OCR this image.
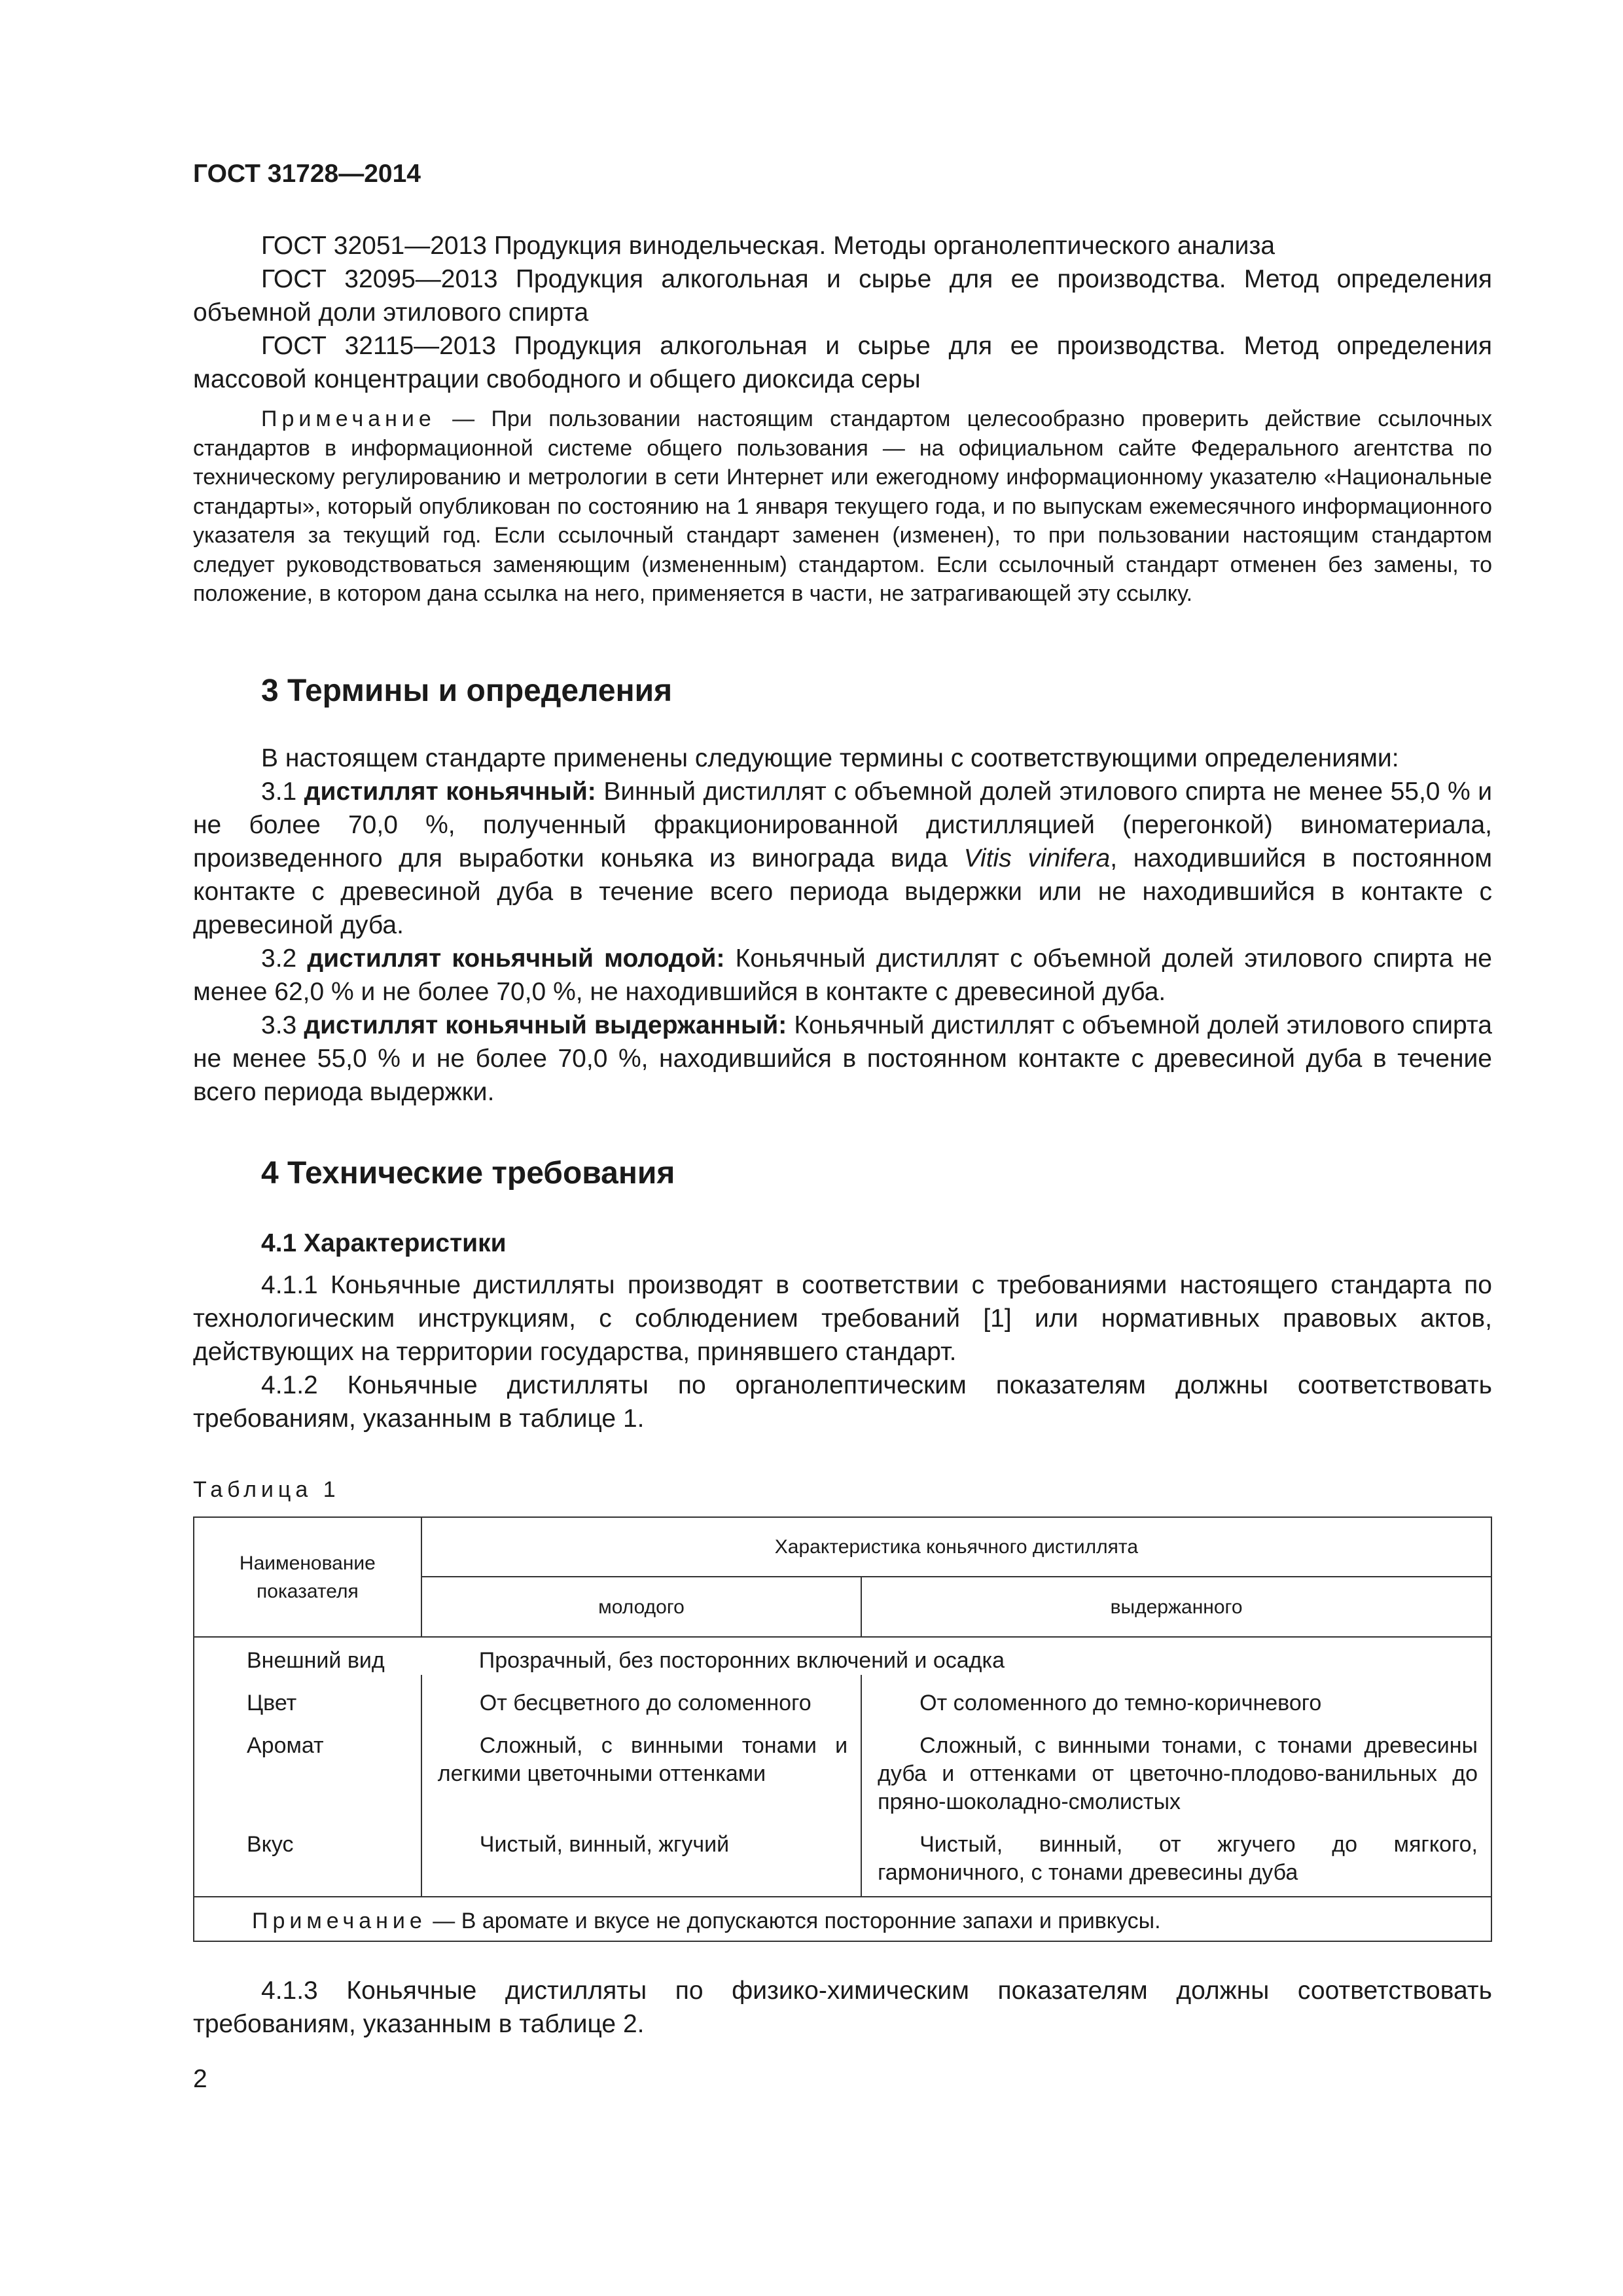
ГОСТ 31728—2014

ГОСТ 32051—2013 Продукция винодельческая. Методы органолептического анализа

ГОСТ 32095—2013 Продукция алкогольная и сырье для ее производства. Метод определения объемной доли этилового спирта

ГОСТ 32115—2013 Продукция алкогольная и сырье для ее производства. Метод определения массовой концентрации свободного и общего диоксида серы

Примечание — При пользовании настоящим стандартом целесообразно проверить действие ссылочных стандартов в информационной системе общего пользования — на официальном сайте Федерального агентства по техническому регулированию и метрологии в сети Интернет или ежегодному информационному указателю «Национальные стандарты», который опубликован по состоянию на 1 января текущего года, и по выпускам ежемесячного информационного указателя за текущий год. Если ссылочный стандарт заменен (изменен), то при пользовании настоящим стандартом следует руководствоваться заменяющим (измененным) стандартом. Если ссылочный стандарт отменен без замены, то положение, в котором дана ссылка на него, применяется в части, не затрагивающей эту ссылку.

3 Термины и определения

В настоящем стандарте применены следующие термины с соответствующими определениями:

3.1 дистиллят коньячный: Винный дистиллят с объемной долей этилового спирта не менее 55,0 % и не более 70,0 %, полученный фракционированной дистилляцией (перегонкой) виноматериала, произведенного для выработки коньяка из винограда вида Vitis vinifera, находившийся в постоянном контакте с древесиной дуба в течение всего периода выдержки или не находившийся в контакте с древесиной дуба.

3.2 дистиллят коньячный молодой: Коньячный дистиллят с объемной долей этилового спирта не менее 62,0 % и не более 70,0 %, не находившийся в контакте с древесиной дуба.

3.3 дистиллят коньячный выдержанный: Коньячный дистиллят с объемной долей этилового спирта не менее 55,0 % и не более 70,0 %, находившийся в постоянном контакте с древесиной дуба в течение всего периода выдержки.

4 Технические требования
4.1 Характеристики

4.1.1 Коньячные дистилляты производят в соответствии с требованиями настоящего стандарта по технологическим инструкциям, с соблюдением требований [1] или нормативных правовых актов, действующих на территории государства, принявшего стандарт.

4.1.2 Коньячные дистилляты по органолептическим показателям должны соответствовать требованиям, указанным в таблице 1.

Таблица 1
Наименование показателя	Характеристика коньячного дистиллята	
	молодого	выдержанного
Внешний вид	Прозрачный, без посторонних включений и осадка	
Цвет	От бесцветного до соломенного	От соломенного до темно-коричневого
Аромат	Сложный, с винными тонами и легкими цветочными оттенками	Сложный, с винными тонами, с тонами древесины дуба и оттенками от цветочно-плодово-ванильных до пряно-шоколадно-смолистых
Вкус	Чистый, винный, жгучий	Чистый, винный, от жгучего до мягкого, гармоничного, с тонами древесины дуба
Примечание — В аромате и вкусе не допускаются посторонние запахи и привкусы.		

4.1.3 Коньячные дистилляты по физико-химическим показателям должны соответствовать требованиям, указанным в таблице 2.

2
